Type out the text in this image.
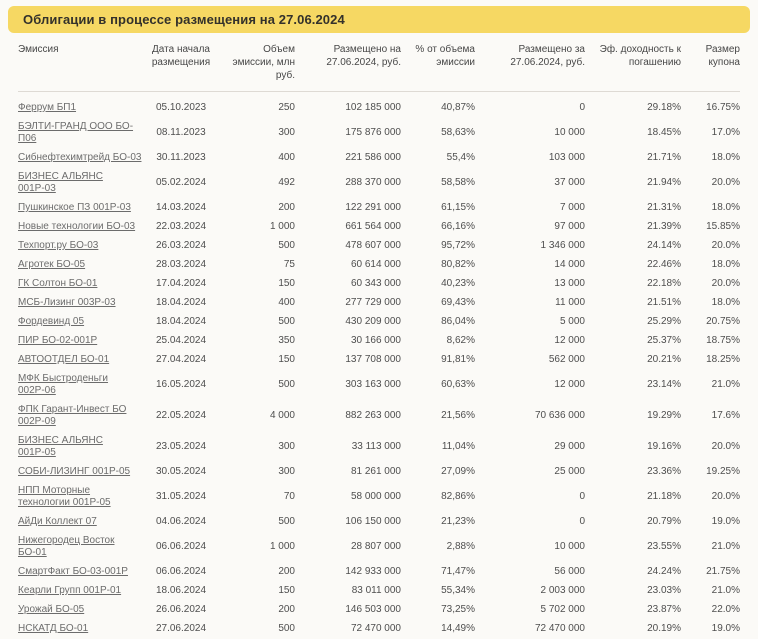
Облигации в процессе размещения на 27.06.2024
Эмиссия	Дата начала размещения	Объем эмиссии, млн руб.	Размещено на 27.06.2024, руб.	% от объема эмиссии	Размещено за 27.06.2024, руб.	Эф. доходность к погашению	Размер купона
Феррум БП1	05.10.2023	250	102 185 000	40,87%	0	29.18%	16.75%
БЭЛТИ-ГРАНД ООО БО-П06	08.11.2023	300	175 876 000	58,63%	10 000	18.45%	17.0%
Сибнефтехимтрейд БО-03	30.11.2023	400	221 586 000	55,4%	103 000	21.71%	18.0%
БИЗНЕС АЛЬЯНС 001Р-03	05.02.2024	492	288 370 000	58,58%	37 000	21.94%	20.0%
Пушкинское ПЗ 001Р-03	14.03.2024	200	122 291 000	61,15%	7 000	21.31%	18.0%
Новые технологии БО-03	22.03.2024	1 000	661 564 000	66,16%	97 000	21.39%	15.85%
Техпорт.ру БО-03	26.03.2024	500	478 607 000	95,72%	1 346 000	24.14%	20.0%
Агротек БО-05	28.03.2024	75	60 614 000	80,82%	14 000	22.46%	18.0%
ГК Солтон БО-01	17.04.2024	150	60 343 000	40,23%	13 000	22.18%	20.0%
МСБ-Лизинг 003Р-03	18.04.2024	400	277 729 000	69,43%	11 000	21.51%	18.0%
Фордевинд 05	18.04.2024	500	430 209 000	86,04%	5 000	25.29%	20.75%
ПИР БО-02-001Р	25.04.2024	350	30 166 000	8,62%	12 000	25.37%	18.75%
АВТООТДЕЛ БО-01	27.04.2024	150	137 708 000	91,81%	562 000	20.21%	18.25%
МФК Быстроденьги 002Р-06	16.05.2024	500	303 163 000	60,63%	12 000	23.14%	21.0%
ФПК Гарант-Инвест БО 002Р-09	22.05.2024	4 000	882 263 000	21,56%	70 636 000	19.29%	17.6%
БИЗНЕС АЛЬЯНС 001Р-05	23.05.2024	300	33 113 000	11,04%	29 000	19.16%	20.0%
СОБИ-ЛИЗИНГ 001Р-05	30.05.2024	300	81 261 000	27,09%	25 000	23.36%	19.25%
НПП Моторные технологии 001Р-05	31.05.2024	70	58 000 000	82,86%	0	21.18%	20.0%
АйДи Коллект 07	04.06.2024	500	106 150 000	21,23%	0	20.79%	19.0%
Нижегородец Восток БО-01	06.06.2024	1 000	28 807 000	2,88%	10 000	23.55%	21.0%
СмартФакт БО-03-001Р	06.06.2024	200	142 933 000	71,47%	56 000	24.24%	21.75%
Кеарли Групп 001Р-01	18.06.2024	150	83 011 000	55,34%	2 003 000	23.03%	21.0%
Урожай БО-05	26.06.2024	200	146 503 000	73,25%	5 702 000	23.87%	22.0%
НСКАТД БО-01	27.06.2024	500	72 470 000	14,49%	72 470 000	20.19%	19.0%
